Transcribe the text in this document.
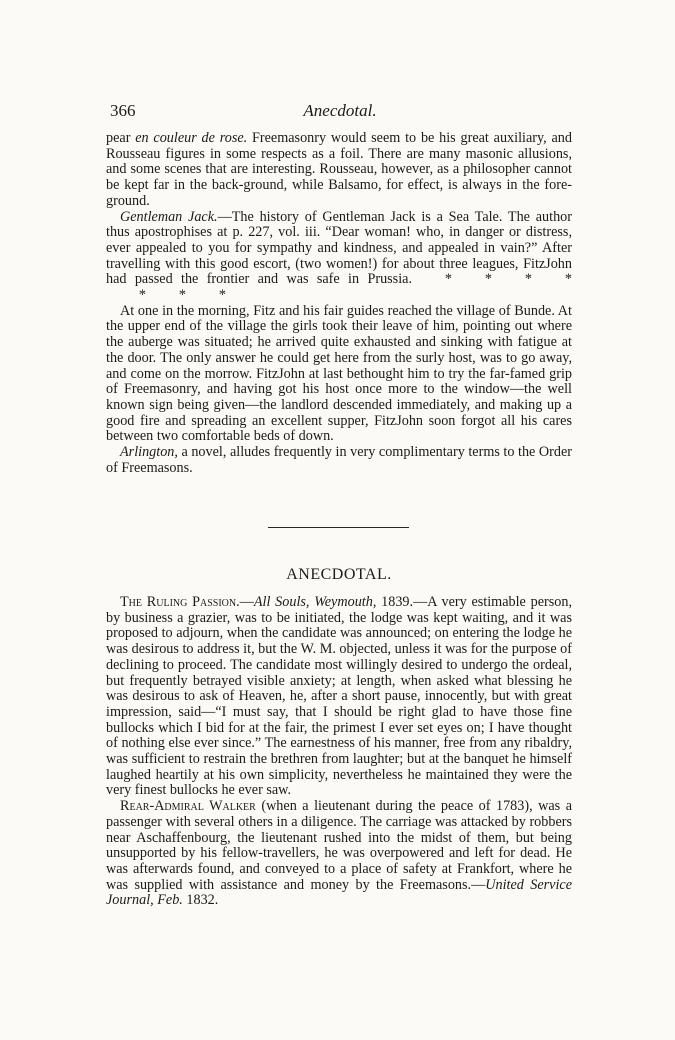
366	Anecdotal.

pear en couleur de rose. Freemasonry would seem to be his great auxiliary, and Rousseau figures in some respects as a foil. There are many masonic allusions, and some scenes that are interesting. Rousseau, however, as a philosopher cannot be kept far in the back-ground, while Balsamo, for effect, is always in the fore-ground.

Gentleman Jack.—The history of Gentleman Jack is a Sea Tale. The author thus apostrophises at p. 227, vol. iii. “Dear woman! who, in danger or distress, ever appealed to you for sympathy and kindness, and appealed in vain?” After travelling with this good escort, (two women!) for about three leagues, FitzJohn had passed the frontier and was safe in Prussia. * * * ** * *

At one in the morning, Fitz and his fair guides reached the village of Bunde. At the upper end of the village the girls took their leave of him, pointing out where the auberge was situated; he arrived quite exhausted and sinking with fatigue at the door. The only answer he could get here from the surly host, was to go away, and come on the morrow. FitzJohn at last bethought him to try the far-famed grip of Freemasonry, and having got his host once more to the window—the well known sign being given—the landlord descended immediately, and making up a good fire and spreading an excellent supper, FitzJohn soon forgot all his cares between two comfortable beds of down.

Arlington, a novel, alludes frequently in very complimentary terms to the Order of Freemasons.

ANECDOTAL.

The Ruling Passion.—All Souls, Weymouth, 1839.—A very estimable person, by business a grazier, was to be initiated, the lodge was kept waiting, and it was proposed to adjourn, when the candidate was announced; on entering the lodge he was desirous to address it, but the W. M. objected, unless it was for the purpose of declining to proceed. The candidate most willingly desired to undergo the ordeal, but frequently betrayed visible anxiety; at length, when asked what blessing he was desirous to ask of Heaven, he, after a short pause, innocently, but with great impression, said—“I must say, that I should be right glad to have those fine bullocks which I bid for at the fair, the primest I ever set eyes on; I have thought of nothing else ever since.” The earnestness of his manner, free from any ribaldry, was sufficient to restrain the brethren from laughter; but at the banquet he himself laughed heartily at his own simplicity, nevertheless he maintained they were the very finest bullocks he ever saw.

Rear-Admiral Walker (when a lieutenant during the peace of 1783), was a passenger with several others in a diligence. The carriage was attacked by robbers near Aschaffenbourg, the lieutenant rushed into the midst of them, but being unsupported by his fellow-travellers, he was overpowered and left for dead. He was afterwards found, and conveyed to a place of safety at Frankfort, where he was supplied with assistance and money by the Freemasons.—United Service Journal, Feb. 1832.
